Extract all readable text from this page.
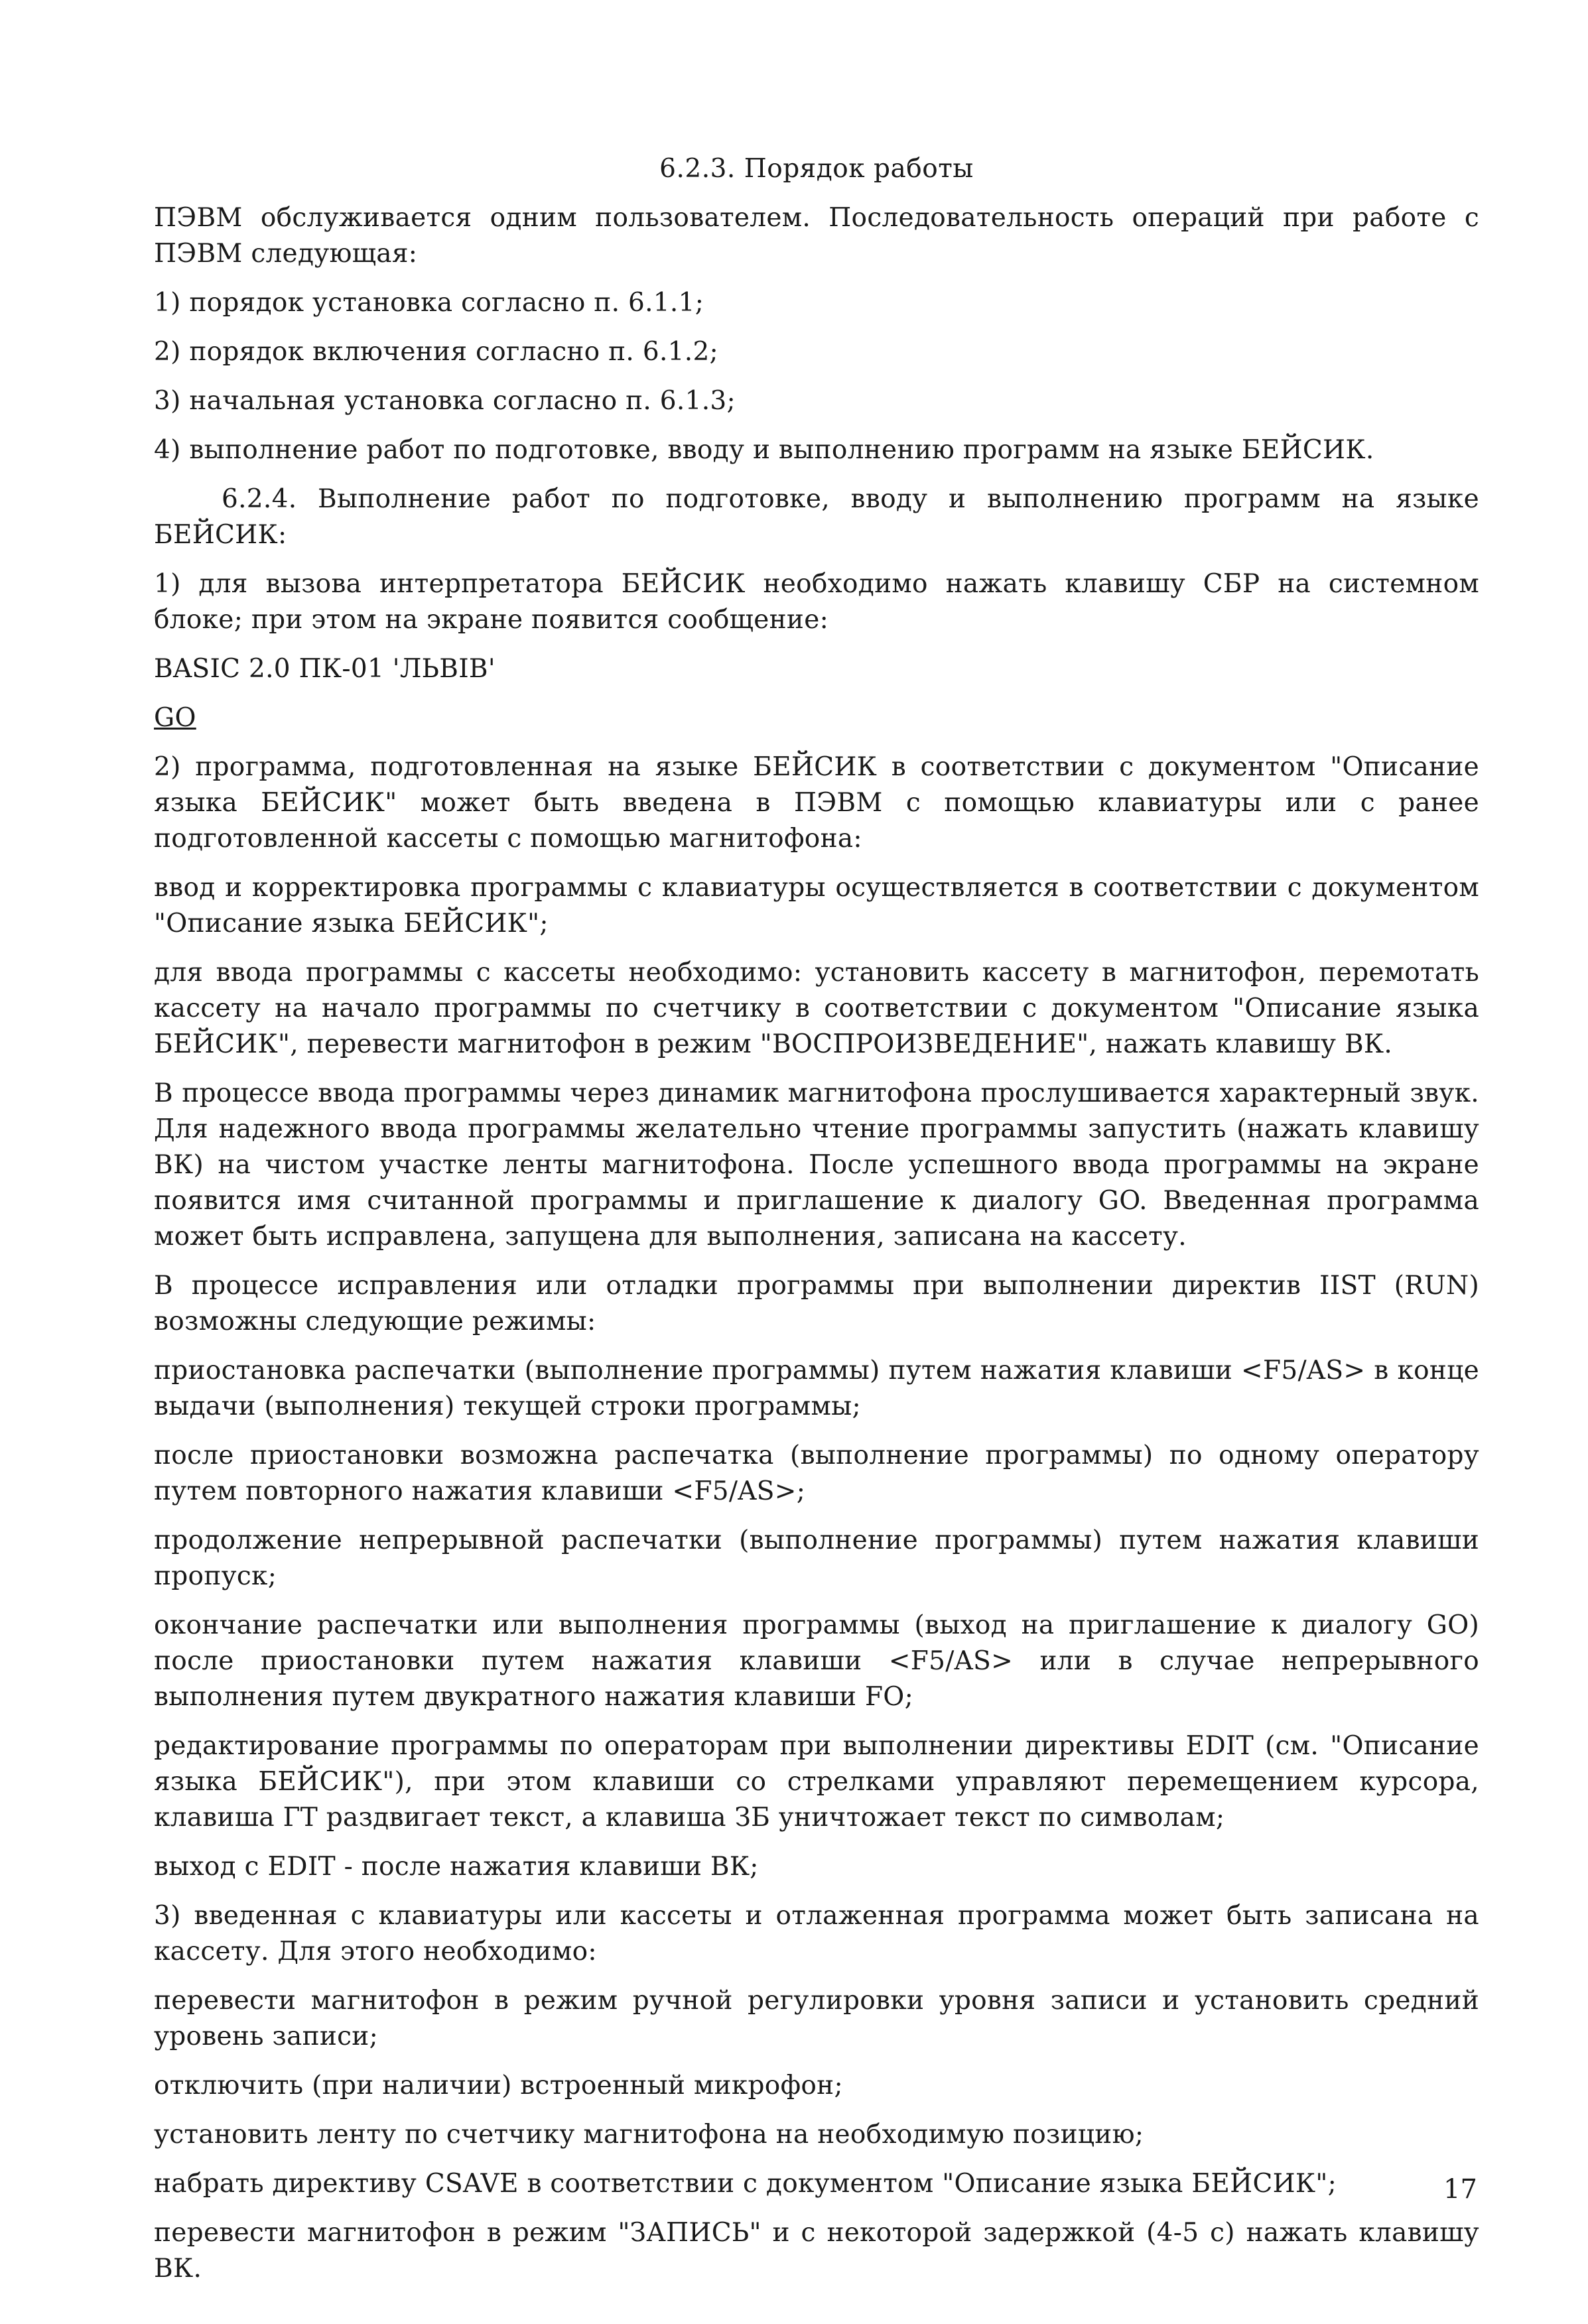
6.2.3. Порядок работы

ПЭВМ обслуживается одним пользователем. Последовательность операций при работе с ПЭВМ следующая:

1) порядок установка согласно п. 6.1.1;

2) порядок включения согласно п. 6.1.2;

3) начальная установка согласно п. 6.1.3;

4) выполнение работ по подготовке, вводу и выполнению программ на языке БЕЙСИК.

6.2.4. Выполнение работ по подготовке, вводу и выполнению программ на языке БЕЙСИК:

1) для вызова интерпретатора БЕЙСИК необходимо нажать клавишу СБР на системном блоке; при этом на экране появится сообщение:

BASIC 2.0 ПК-01 'ЛЬВIВ'

GO

2) программа, подготовленная на языке БЕЙСИК в соответствии с документом "Описание языка БЕЙСИК" может быть введена в ПЭВМ с помощью клавиатуры или с ранее подготовленной кассеты с помощью магнитофона:

ввод и корректировка программы с клавиатуры осуществляется в соответствии с документом "Описание языка БЕЙСИК";

для ввода программы с кассеты необходимо: установить кассету в магнитофон, перемотать кассету на начало программы по счетчику в соответствии с документом "Описание языка БЕЙСИК", перевести магнитофон в режим "ВОСПРОИЗВЕДЕНИЕ", нажать клавишу ВК.

В процессе ввода программы через динамик магнитофона прослушивается характерный звук. Для надежного ввода программы желательно чтение программы запустить (нажать клавишу ВК) на чистом участке ленты магнитофона. После успешного ввода программы на экране появится имя считанной программы и приглашение к диалогу GO. Введенная программа может быть исправлена, запущена для выполнения, записана на кассету.

В процессе исправления или отладки программы при выполнении директив IIST (RUN) возможны следующие режимы:

приостановка распечатки (выполнение программы) путем нажатия клавиши <F5/AS> в конце выдачи (выполнения) текущей строки программы;

после приостановки возможна распечатка (выполнение программы) по одному оператору путем повторного нажатия клавиши <F5/AS>;

продолжение непрерывной распечатки (выполнение программы) путем нажатия клавиши пропуск;

окончание распечатки или выполнения программы (выход на приглашение к диалогу GO) после приостановки путем нажатия клавиши <F5/AS> или в случае непрерывного выполнения путем двукратного нажатия клавиши FO;

редактирование программы по операторам при выполнении директивы EDIT (см. "Описание языка БЕЙСИК"), при этом клавиши со стрелками управляют перемещением курсора, клавиша ГТ раздвигает текст, а клавиша ЗБ уничтожает текст по символам;

выход с EDIT - после нажатия клавиши ВК;

3) введенная с клавиатуры или кассеты и отлаженная программа может быть записана на кассету. Для этого необходимо:

перевести магнитофон в режим ручной регулировки уровня записи и установить средний уровень записи;

отключить (при наличии) встроенный микрофон;

установить ленту по счетчику магнитофона на необходимую позицию;

набрать директиву CSAVE в соответствии с документом "Описание языка БЕЙСИК";

перевести магнитофон в режим "ЗАПИСЬ" и с некоторой задержкой (4-5 с) нажать клавишу ВК.

17
